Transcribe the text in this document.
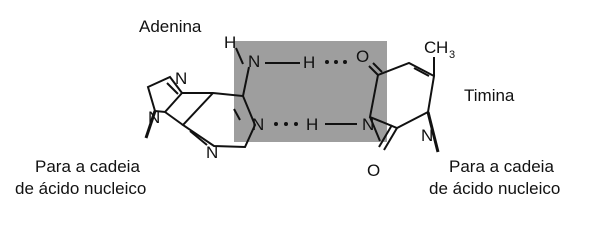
Adenina
Timina
Para a cadeia
de ácido nucleico
Para a cadeia
de ácido nucleico
N
N
N
N
N
H
H
H
O
N
N
O
C H 3
